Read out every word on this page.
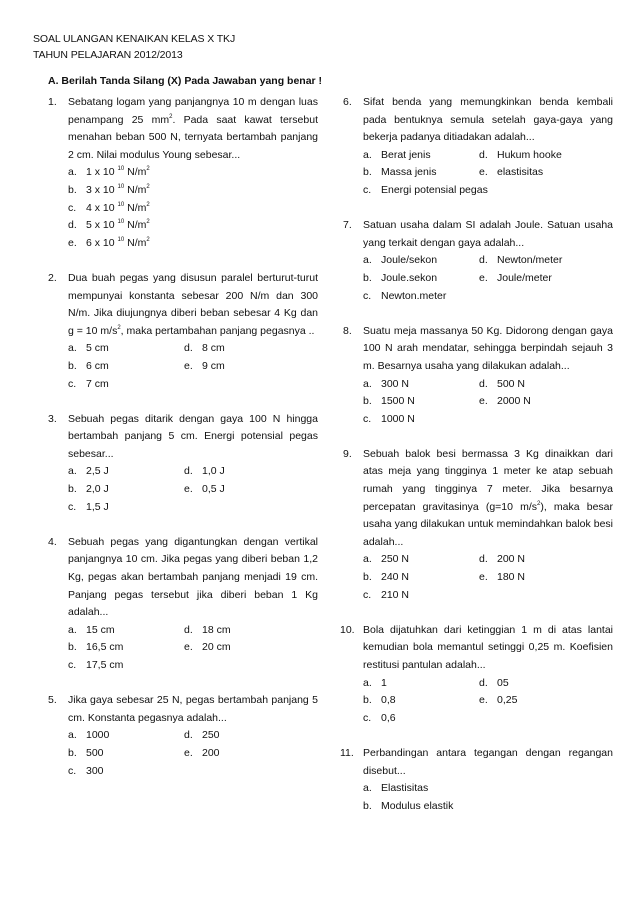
SOAL ULANGAN KENAIKAN KELAS X TKJ
TAHUN PELAJARAN 2012/2013
A. Berilah Tanda Silang (X) Pada Jawaban yang benar !
1.	Sebatang logam yang panjangnya 10 m dengan luas penampang 25 $mm^2$. Pada saat kawat tersebut menahan beban 500 N, ternyata bertambah panjang 2 cm. Nilai modulus Young sebesar...
a. 1 x 10 $^{10}$ $N/m^2$
b. 3 x 10 $^{10}$ $N/m^2$
c. 4 x 10 $^{10}$ $N/m^2$
d. 5 x 10 $^{10}$ $N/m^2$
e. 6 x 10 $^{10}$ $N/m^2$
2.	Dua buah pegas yang disusun paralel berturut-turut mempunyai konstanta sebesar 200 N/m dan 300 N/m. Jika diujungnya diberi beban sebesar 4 Kg dan g = 10 $m/s^2$, maka pertambahan panjang pegasnya ..
a. 5 cm	d. 8 cm
b. 6 cm	e. 9 cm
c. 7 cm
3.	Sebuah pegas ditarik dengan gaya 100 N hingga bertambah panjang 5 cm. Energi potensial pegas sebesar...
a. 2,5 J	d. 1,0 J
b. 2,0 J	e. 0,5 J
c. 1,5 J
4.	Sebuah pegas yang digantungkan dengan vertikal panjangnya 10 cm. Jika pegas yang diberi beban 1,2 Kg, pegas akan bertambah panjang menjadi 19 cm. Panjang pegas tersebut jika diberi beban 1 Kg adalah...
a. 15 cm	d. 18 cm
b. 16,5 cm	e. 20 cm
c. 17,5 cm
5.	Jika gaya sebesar 25 N, pegas bertambah panjang 5 cm. Konstanta pegasnya adalah...
a. 1000	d. 250
b. 500	e. 200
c. 300
6.	Sifat benda yang memungkinkan benda kembali pada bentuknya semula setelah gaya-gaya yang bekerja padanya ditiadakan adalah...
a. Berat jenis	d. Hukum hooke
b. Massa jenis	e. elastisitas
c. Energi potensial pegas
7.	Satuan usaha dalam SI adalah Joule. Satuan usaha yang terkait dengan gaya adalah...
a. Joule/sekon	d. Newton/meter
b. Joule.sekon	e. Joule/meter
c. Newton.meter
8.	Suatu meja massanya 50 Kg. Didorong dengan gaya 100 N arah mendatar, sehingga berpindah sejauh 3 m. Besarnya usaha yang dilakukan adalah...
a. 300 N	d. 500 N
b. 1500 N	e. 2000 N
c. 1000 N
9.	Sebuah balok besi bermassa 3 Kg dinaikkan dari atas meja yang tingginya 1 meter ke atap sebuah rumah yang tingginya 7 meter. Jika besarnya percepatan gravitasinya (g=10 $m/s^2$), maka besar usaha yang dilakukan untuk memindahkan balok besi adalah...
a. 250 N	d. 200 N
b. 240 N	e. 180 N
c. 210 N
10. Bola dijatuhkan dari ketinggian 1 m di atas lantai kemudian bola memantul setinggi 0,25 m. Koefisien restitusi pantulan adalah...
a. 1	d. 05
b. 0,8	e. 0,25
c. 0,6
11. Perbandingan antara tegangan dengan regangan disebut...
a. Elastisitas
b. Modulus elastik
